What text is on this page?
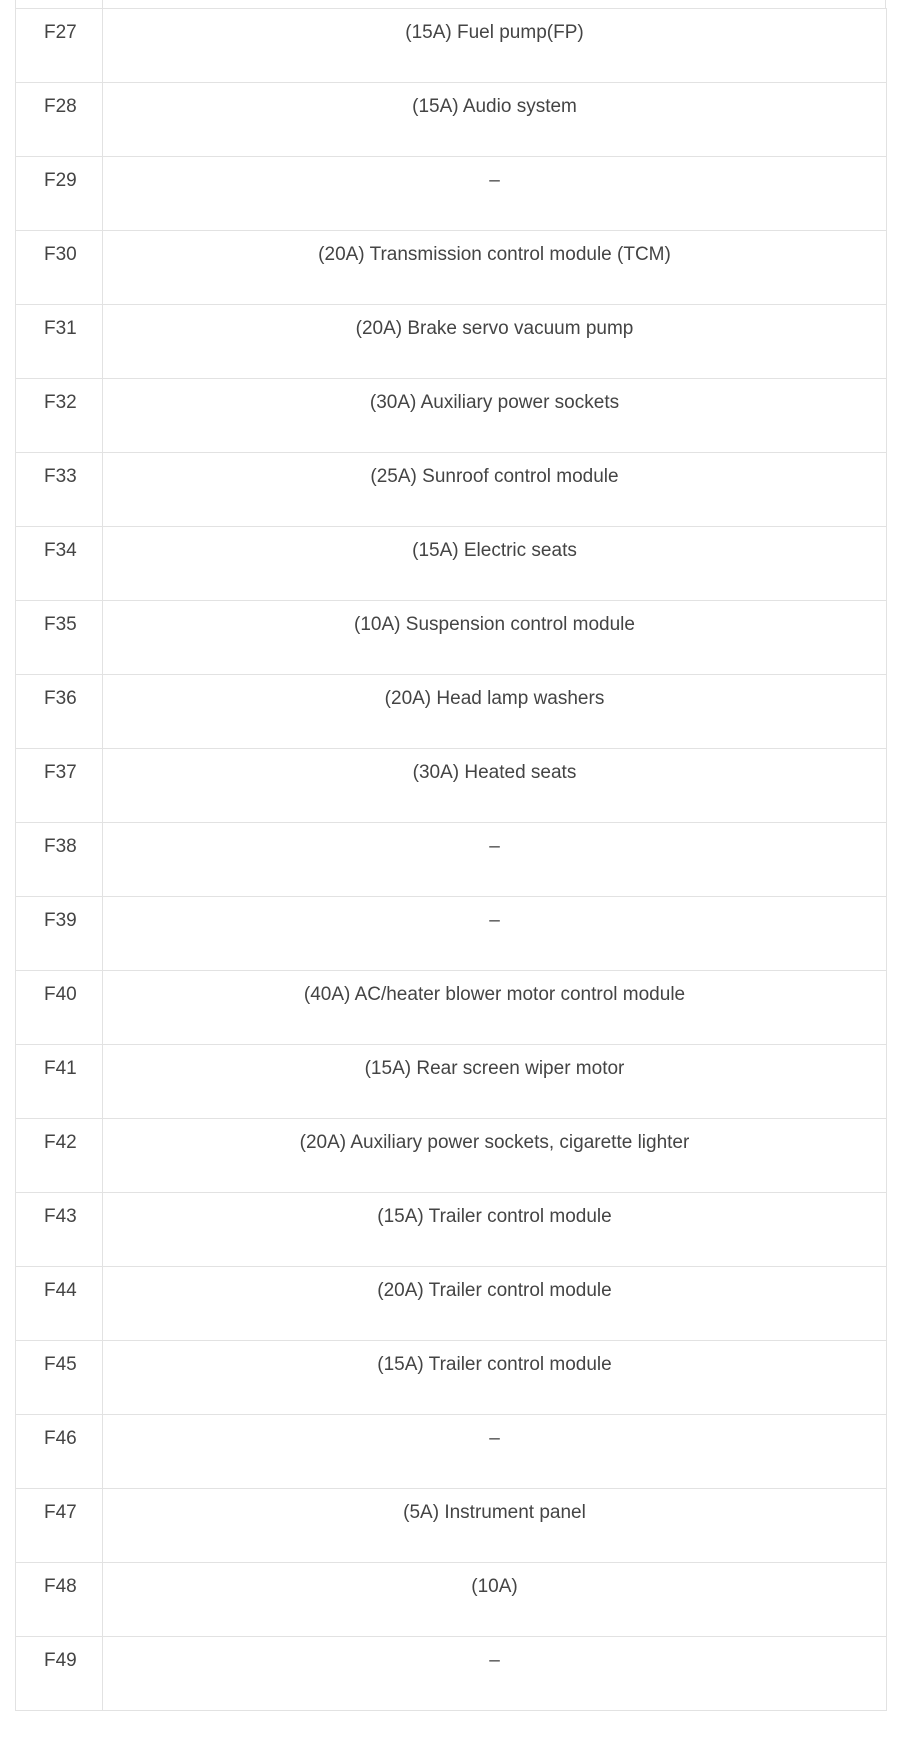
F27	(15A) Fuel pump(FP)
F28	(15A) Audio system
F29	–
F30	(20A) Transmission control module (TCM)
F31	(20A) Brake servo vacuum pump
F32	(30A) Auxiliary power sockets
F33	(25A) Sunroof control module
F34	(15A) Electric seats
F35	(10A) Suspension control module
F36	(20A) Head lamp washers
F37	(30A) Heated seats
F38	–
F39	–
F40	(40A) AC/heater blower motor control module
F41	(15A) Rear screen wiper motor
F42	(20A) Auxiliary power sockets, cigarette lighter
F43	(15A) Trailer control module
F44	(20A) Trailer control module
F45	(15A) Trailer control module
F46	–
F47	(5A) Instrument panel
F48	(10A)
F49	–
